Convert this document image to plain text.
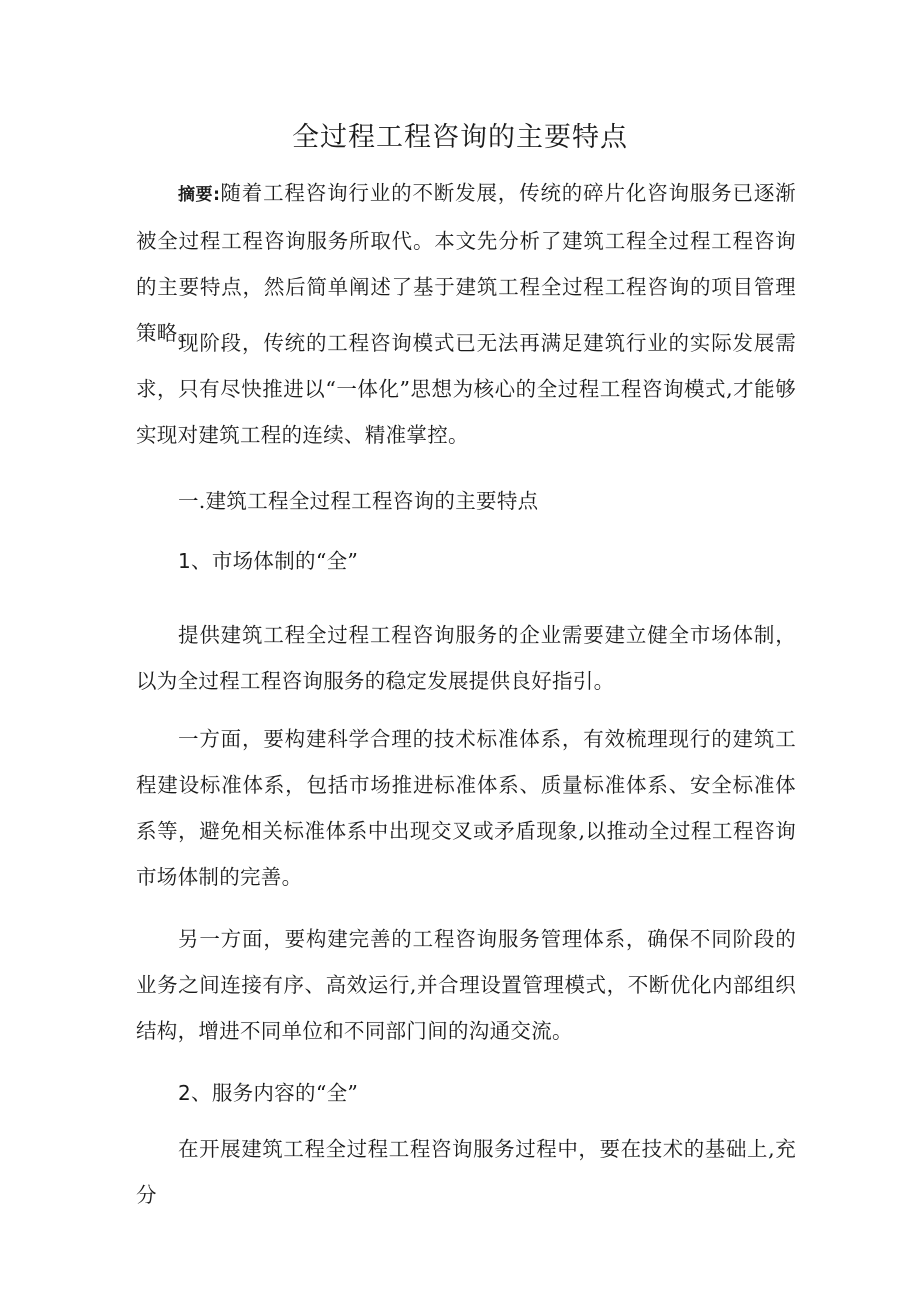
全过程工程咨询的主要特点

摘要:随着工程咨询行业的不断发展，传统的碎片化咨询服务已逐渐被全过程工程咨询服务所取代。本文先分析了建筑工程全过程工程咨询的主要特点，然后简单阐述了基于建筑工程全过程工程咨询的项目管理策略。

现阶段，传统的工程咨询模式已无法再满足建筑行业的实际发展需求，只有尽快推进以“一体化”思想为核心的全过程工程咨询模式,才能够实现对建筑工程的连续、精准掌控。

一.建筑工程全过程工程咨询的主要特点
1、市场体制的“全”

提供建筑工程全过程工程咨询服务的企业需要建立健全市场体制，以为全过程工程咨询服务的稳定发展提供良好指引。

一方面，要构建科学合理的技术标准体系，有效梳理现行的建筑工程建设标准体系，包括市场推进标准体系、质量标准体系、安全标准体系等，避免相关标准体系中出现交叉或矛盾现象,以推动全过程工程咨询市场体制的完善。

另一方面，要构建完善的工程咨询服务管理体系，确保不同阶段的业务之间连接有序、高效运行,并合理设置管理模式，不断优化内部组织结构，增进不同单位和不同部门间的沟通交流。

2、服务内容的“全”

在开展建筑工程全过程工程咨询服务过程中，要在技术的基础上,充分
